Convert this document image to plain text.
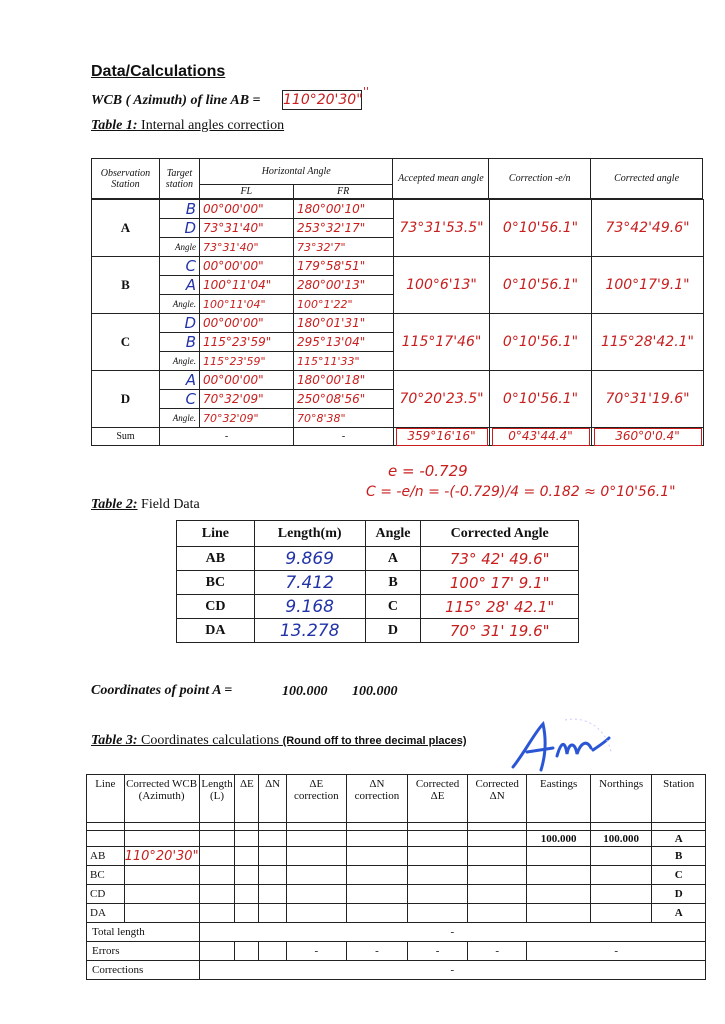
Data/Calculations
WCB ( Azimuth) of line AB = 110°20'30"
''
Table 1: Internal angles correction
Observation Station	Target station	Horizontal Angle		Accepted mean angle	Correction -e/n	Corrected angle
		FL	FR			
A
B 00°00'00"	180°00'10"
D 73°31'40"	253°32'17"
Angle 73°31'40"	73°32'7"
73°31'53.5"	0°10'56.1"	73°42'49.6"
B
C 00°00'00"	179°58'51"
A 100°11'04"	280°00'13"
Angle. 100°11'04"	100°1'22"
100°6'13"	0°10'56.1"	100°17'9.1"
C
D 00°00'00"	180°01'31"
B 115°23'59"	295°13'04"
Angle. 115°23'59"	115°11'33"
115°17'46"	0°10'56.1"	115°28'42.1"
D
A 00°00'00"	180°00'18"
C 70°32'09"	250°08'56"
Angle. 70°32'09"	70°8'38"
70°20'23.5"	0°10'56.1"	70°31'19.6"
Sum	-	-	359°16'16"	0°43'44.4"	360°0'0.4"
e = -0.729
C = -e/n = -(-0.729)/4 = 0.182 ≈ 0°10'56.1"
Table 2: Field Data
Line	Length(m)	Angle	Corrected Angle
AB	9.869	A	73° 42' 49.6"
BC	7.412	B	100° 17' 9.1"
CD	9.168	C	115° 28' 42.1"
DA	13.278	D	70° 31' 19.6"
Coordinates of point A =	100.000 100.000
Table 3: Coordinates calculations (Round off to three decimal places)
Line	Corrected WCB (Azimuth)	Length (L)	ΔE	ΔN	ΔE correction	ΔN correction	Corrected ΔE	Corrected ΔN	Eastings	Northings	Station

									100.000	100.000	A
AB	110°20'30"										B
BC											C
CD											D
DA											A
Total length		-									
Errors					-	-	-	-	-		
Corrections		-									
